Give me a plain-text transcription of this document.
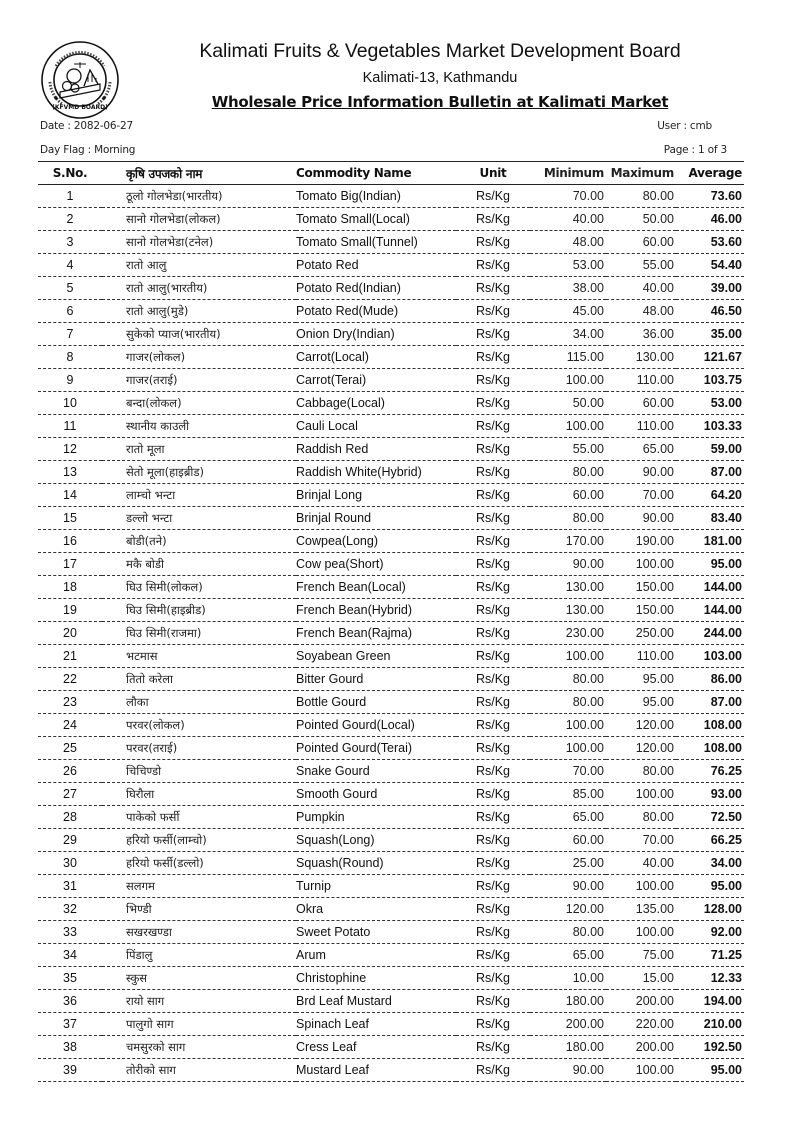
(KFVMD BOARD)
Kalimati Fruits & Vegetables Market Development Board
Kalimati-13, Kathmandu
Wholesale Price Information Bulletin at Kalimati Market
Date : 2082-06-27
Day Flag : Morning
User : cmb
Page : 1 of 3
S.No.	कृषि उपजको नाम	Commodity Name	Unit	Minimum	Maximum	Average
1	ठूलो गोलभेडा(भारतीय)	Tomato Big(Indian)	Rs/Kg	70.00	80.00	73.60
2	सानो गोलभेडा(लोकल)	Tomato Small(Local)	Rs/Kg	40.00	50.00	46.00
3	सानो गोलभेडा(टनेल)	Tomato Small(Tunnel)	Rs/Kg	48.00	60.00	53.60
4	रातो आलु	Potato Red	Rs/Kg	53.00	55.00	54.40
5	रातो आलु(भारतीय)	Potato Red(Indian)	Rs/Kg	38.00	40.00	39.00
6	रातो आलु(मुडे)	Potato Red(Mude)	Rs/Kg	45.00	48.00	46.50
7	सुकेको प्याज(भारतीय)	Onion Dry(Indian)	Rs/Kg	34.00	36.00	35.00
8	गाजर(लोकल)	Carrot(Local)	Rs/Kg	115.00	130.00	121.67
9	गाजर(तराई)	Carrot(Terai)	Rs/Kg	100.00	110.00	103.75
10	बन्दा(लोकल)	Cabbage(Local)	Rs/Kg	50.00	60.00	53.00
11	स्थानीय काउली	Cauli Local	Rs/Kg	100.00	110.00	103.33
12	रातो मूला	Raddish Red	Rs/Kg	55.00	65.00	59.00
13	सेतो मूला(हाइब्रीड)	Raddish White(Hybrid)	Rs/Kg	80.00	90.00	87.00
14	लाम्चो भन्टा	Brinjal Long	Rs/Kg	60.00	70.00	64.20
15	डल्लो भन्टा	Brinjal Round	Rs/Kg	80.00	90.00	83.40
16	बोडी(तने)	Cowpea(Long)	Rs/Kg	170.00	190.00	181.00
17	मकै बोडी	Cow pea(Short)	Rs/Kg	90.00	100.00	95.00
18	घिउ सिमी(लोकल)	French Bean(Local)	Rs/Kg	130.00	150.00	144.00
19	घिउ सिमी(हाइब्रीड)	French Bean(Hybrid)	Rs/Kg	130.00	150.00	144.00
20	घिउ सिमी(राजमा)	French Bean(Rajma)	Rs/Kg	230.00	250.00	244.00
21	भटमास	Soyabean Green	Rs/Kg	100.00	110.00	103.00
22	तितो करेला	Bitter Gourd	Rs/Kg	80.00	95.00	86.00
23	लौका	Bottle Gourd	Rs/Kg	80.00	95.00	87.00
24	परवर(लोकल)	Pointed Gourd(Local)	Rs/Kg	100.00	120.00	108.00
25	परवर(तराई)	Pointed Gourd(Terai)	Rs/Kg	100.00	120.00	108.00
26	चिचिण्डो	Snake Gourd	Rs/Kg	70.00	80.00	76.25
27	घिरौला	Smooth Gourd	Rs/Kg	85.00	100.00	93.00
28	पाकेको फर्सी	Pumpkin	Rs/Kg	65.00	80.00	72.50
29	हरियो फर्सी(लाम्चो)	Squash(Long)	Rs/Kg	60.00	70.00	66.25
30	हरियो फर्सी(डल्लो)	Squash(Round)	Rs/Kg	25.00	40.00	34.00
31	सलगम	Turnip	Rs/Kg	90.00	100.00	95.00
32	भिण्डी	Okra	Rs/Kg	120.00	135.00	128.00
33	सखरखण्डा	Sweet Potato	Rs/Kg	80.00	100.00	92.00
34	पिंडालु	Arum	Rs/Kg	65.00	75.00	71.25
35	स्कुस	Christophine	Rs/Kg	10.00	15.00	12.33
36	रायो साग	Brd Leaf Mustard	Rs/Kg	180.00	200.00	194.00
37	पालुगो साग	Spinach Leaf	Rs/Kg	200.00	220.00	210.00
38	चमसुरको साग	Cress Leaf	Rs/Kg	180.00	200.00	192.50
39	तोरीको साग	Mustard Leaf	Rs/Kg	90.00	100.00	95.00
